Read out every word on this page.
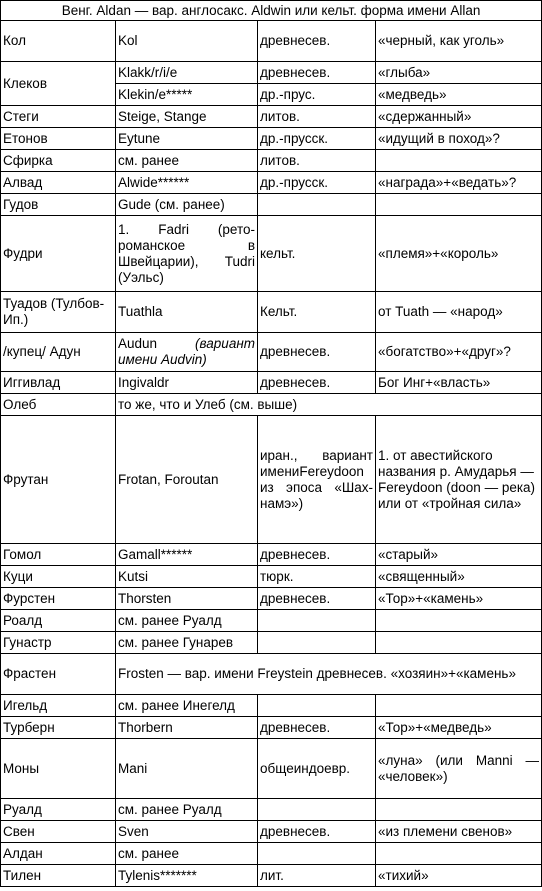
Венг. Aldan — вар. англосакс. Aldwin или кельт. форма имени Allan			
Кол	Kol	древнесев.	«черный, как уголь»
Клеков	Klakk/r/i/e	древнесев.	«глыба»
	Klekin/e*****	др.-прус.	«медведь»
Стеги	Steige, Stange	литов.	«сдержанный»
Етонов	Eytune	др.-прусск.	«идущий в поход»?
Сфирка	см. ранее	литов.	
Алвад	Alwide******	др.-прусск.	«награда»+«ведать»?
Гудов	Gude (см. ранее)		
Фудри	1. Fadri (рето-романское в Швейцарии), Tudri (Уэльс)	кельт.	«племя»+«король»
Туадов (Тулбов-Ип.)	Tuathla	Кельт.	от Tuath — «народ»
/купец/ Адун	Audun (вариант имени Audvin)	древнесев.	«богатство»+«друг»?
Иггивлад	Ingivaldr	древнесев.	Бог Инг+«власть»
Олеб	то же, что и Улеб (см. выше)		
Фрутан	Frotan, Foroutan	иран., вариант имениFereydoon из эпоса «Шах-намэ»)	1. от авестийского названия р. Амударья — Fereydoon (doon — река) или от «тройная сила»
Гомол	Gamall******	древнесев.	«старый»
Куци	Kutsi	тюрк.	«священный»
Фурстен	Thorsten	древнесев.	«Тор»+«камень»
Роалд	см. ранее Руалд		
Гунастр	см. ранее Гунарев		
Фрастен	Frosten — вар. имени Freystein древнесев. «хозяин»+«камень»		
Игельд	см. ранее Инегелд		
Турберн	Thorbern	древнесев.	«Тор»+«медведь»
Моны	Mani	общеиндоевр.	«луна» (или Manni — «человек»)
Руалд	см. ранее Руалд		
Свен	Sven	древнесев.	«из племени свенов»
Алдан	см. ранее		
Тилен	Tylenis*******	лит.	«тихий»
